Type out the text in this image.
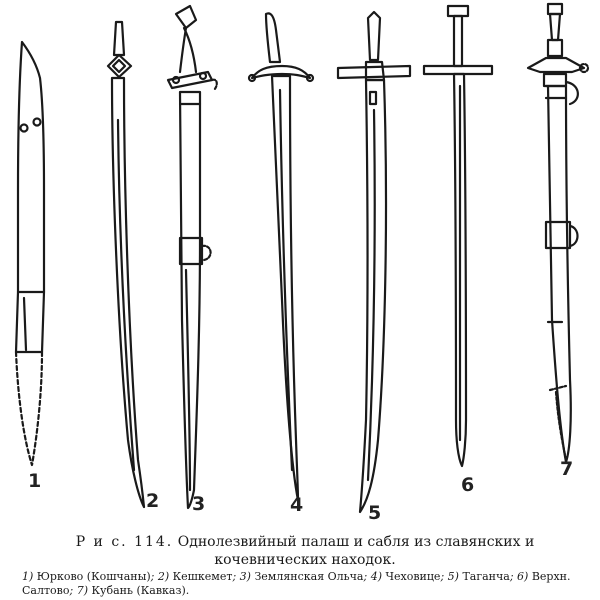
1
2 3	4	5
6
7
Р и с. 114. Однолезвийный палаш и сабля из славянских и кочевнических находок.
1) Юрково (Кошчаны); 2) Кешкемет; 3) Землянская Ольча; 4) Чеховице; 5) Таганча; 6) Верхн. Салтово; 7) Кубань (Кавказ).
